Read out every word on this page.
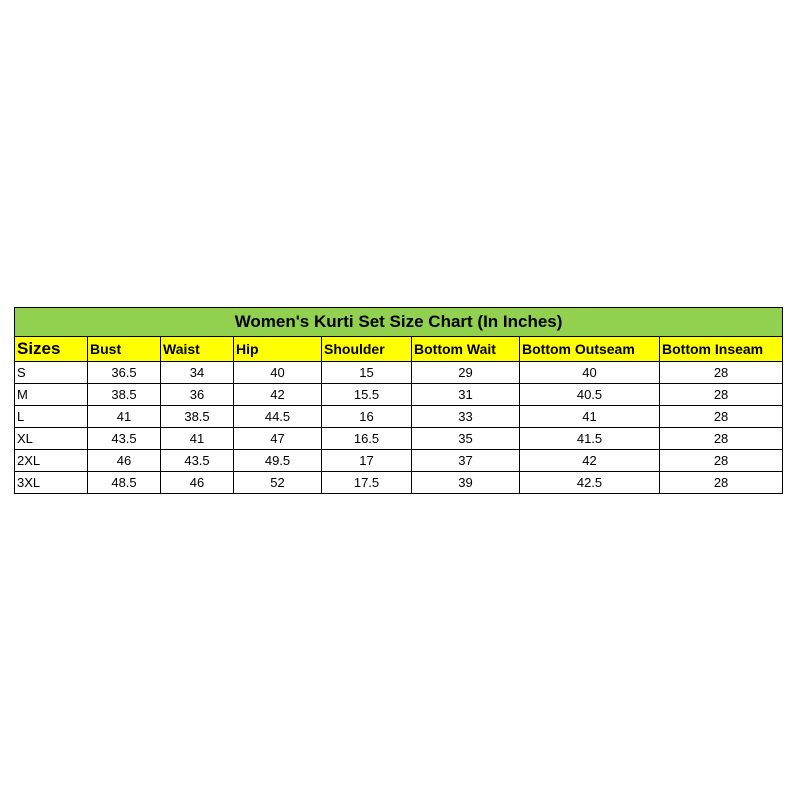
Women's Kurti Set Size Chart (In Inches)							
Sizes	Bust	Waist	Hip	Shoulder	Bottom Wait	Bottom Outseam	Bottom Inseam
S	36.5	34	40	15	29	40	28
M	38.5	36	42	15.5	31	40.5	28
L	41	38.5	44.5	16	33	41	28
XL	43.5	41	47	16.5	35	41.5	28
2XL	46	43.5	49.5	17	37	42	28
3XL	48.5	46	52	17.5	39	42.5	28
